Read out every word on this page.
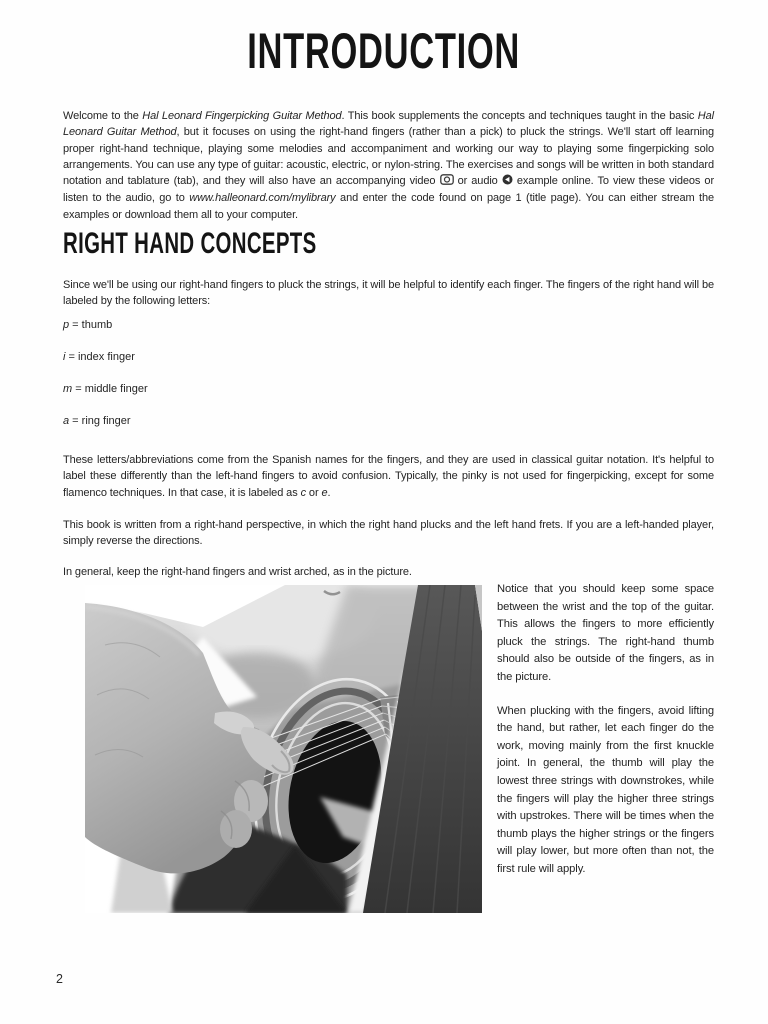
INTRODUCTION

Welcome to the Hal Leonard Fingerpicking Guitar Method. This book supplements the concepts and techniques taught in the basic Hal Leonard Guitar Method, but it focuses on using the right-hand fingers (rather than a pick) to pluck the strings. We'll start off learning proper right-hand technique, playing some melodies and accompaniment and working our way to playing some fingerpicking solo arrangements. You can use any type of guitar: acoustic, electric, or nylon-string. The exercises and songs will be written in both standard notation and tablature (tab), and they will also have an accompanying video  or audio  example online. To view these videos or listen to the audio, go to www.halleonard.com/mylibrary and enter the code found on page 1 (title page). You can either stream the examples or download them all to your computer.

RIGHT HAND CONCEPTS

Since we'll be using our right-hand fingers to pluck the strings, it will be helpful to identify each finger. The fingers of the right hand will be labeled by the following letters:

p = thumb
i = index finger
m = middle finger
a = ring finger

These letters/abbreviations come from the Spanish names for the fingers, and they are used in classical guitar notation. It's helpful to label these differently than the left-hand fingers to avoid confusion. Typically, the pinky is not used for fingerpicking, except for some flamenco techniques. In that case, it is labeled as c or e.

This book is written from a right-hand perspective, in which the right hand plucks and the left hand frets. If you are a left-handed player, simply reverse the directions.

In general, keep the right-hand fingers and wrist arched, as in the picture.

Notice that you should keep some space between the wrist and the top of the guitar. This allows the fingers to more efficiently pluck the strings. The right-hand thumb should also be outside of the fingers, as in the picture.

When plucking with the fingers, avoid lifting the hand, but rather, let each finger do the work, moving mainly from the first knuckle joint. In general, the thumb will play the lowest three strings with downstrokes, while the fingers will play the higher three strings with upstrokes. There will be times when the thumb plays the higher strings or the fingers will play lower, but more often than not, the first rule will apply.

2
